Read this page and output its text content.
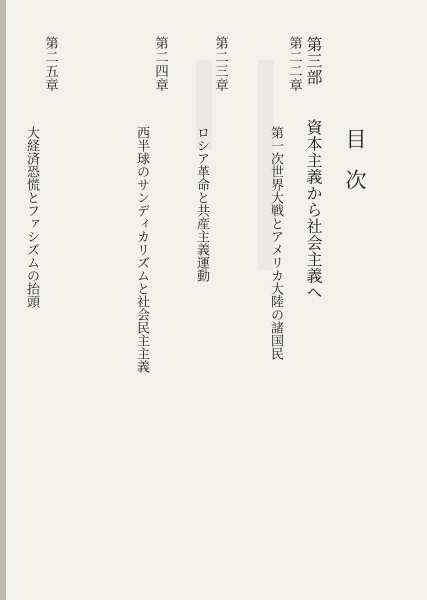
目次
第三部 資本主義から社会主義へ
第二二章
第一次世界大戦とアメリカ大陸の諸国民
第二三章
ロシア革命と共産主義運動
第二四章
西半球のサンディカリズムと社会民主主義
第二五章
大経済恐慌とファシズムの抬頭
